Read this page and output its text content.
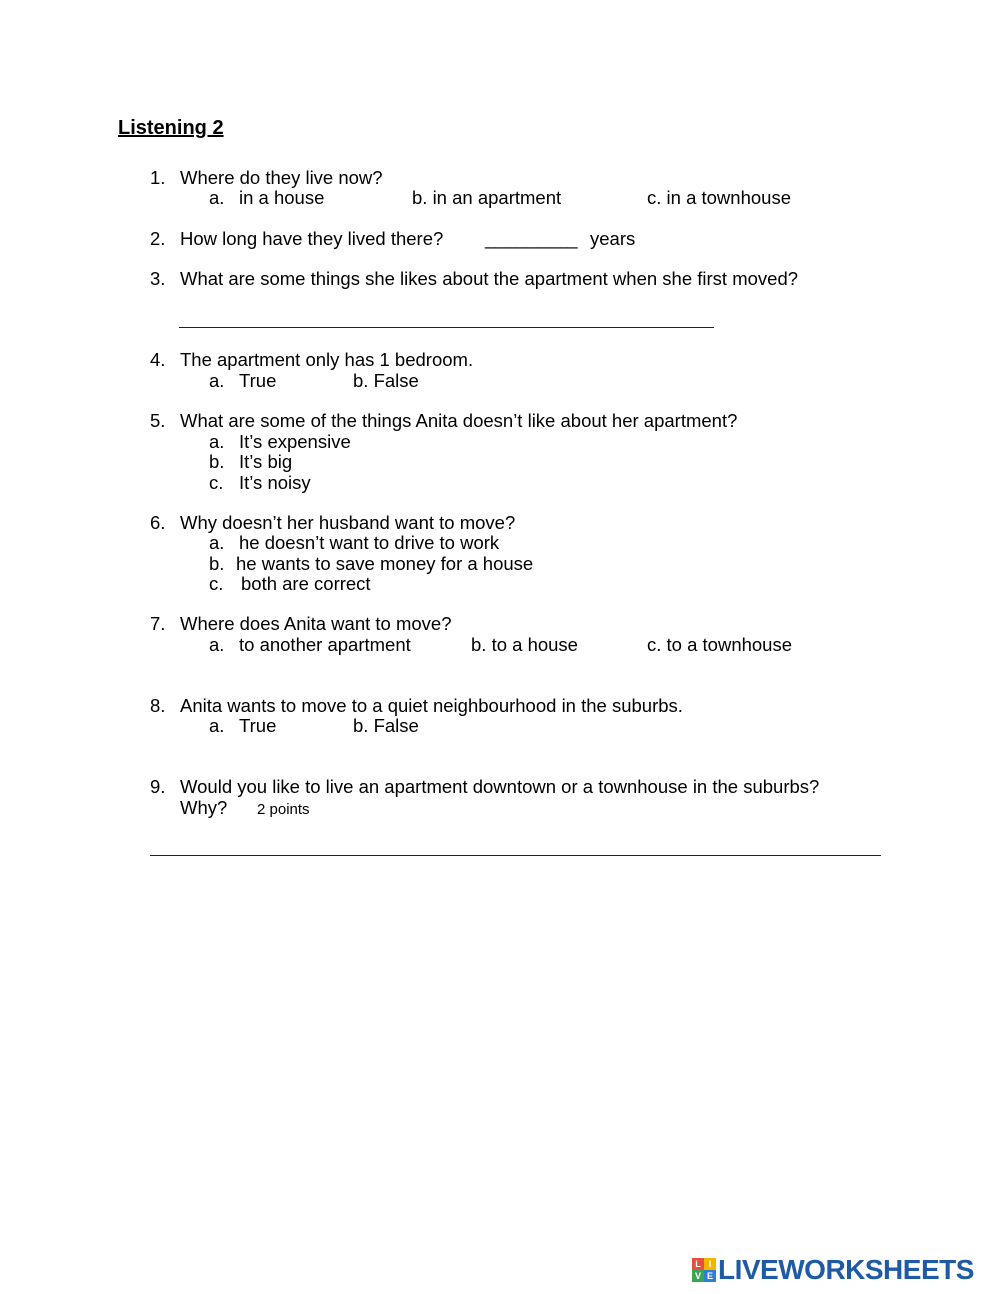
Listening 2
1. Where do they live now?
a. in a house	b. in an apartment	c. in a townhouse
2. How long have they lived there? _________ years
3. What are some things she likes about the apartment when she first moved?
4. The apartment only has 1 bedroom.
a. True	b. False
5. What are some of the things Anita doesn’t like about her apartment?
a. It’s expensive
b. It’s big
c. It’s noisy
6. Why doesn’t her husband want to move?
a. he doesn’t want to drive to work
b. he wants to save money for a house
c. both are correct
7. Where does Anita want to move?
a. to another apartment	b. to a house	c. to a townhouse
8. Anita wants to move to a quiet neighbourhood in the suburbs.
a. True	b. False
9. Would you like to live an apartment downtown or a townhouse in the suburbs?
Why? 2 points
L I
V E LIVEWORKSHEETS
